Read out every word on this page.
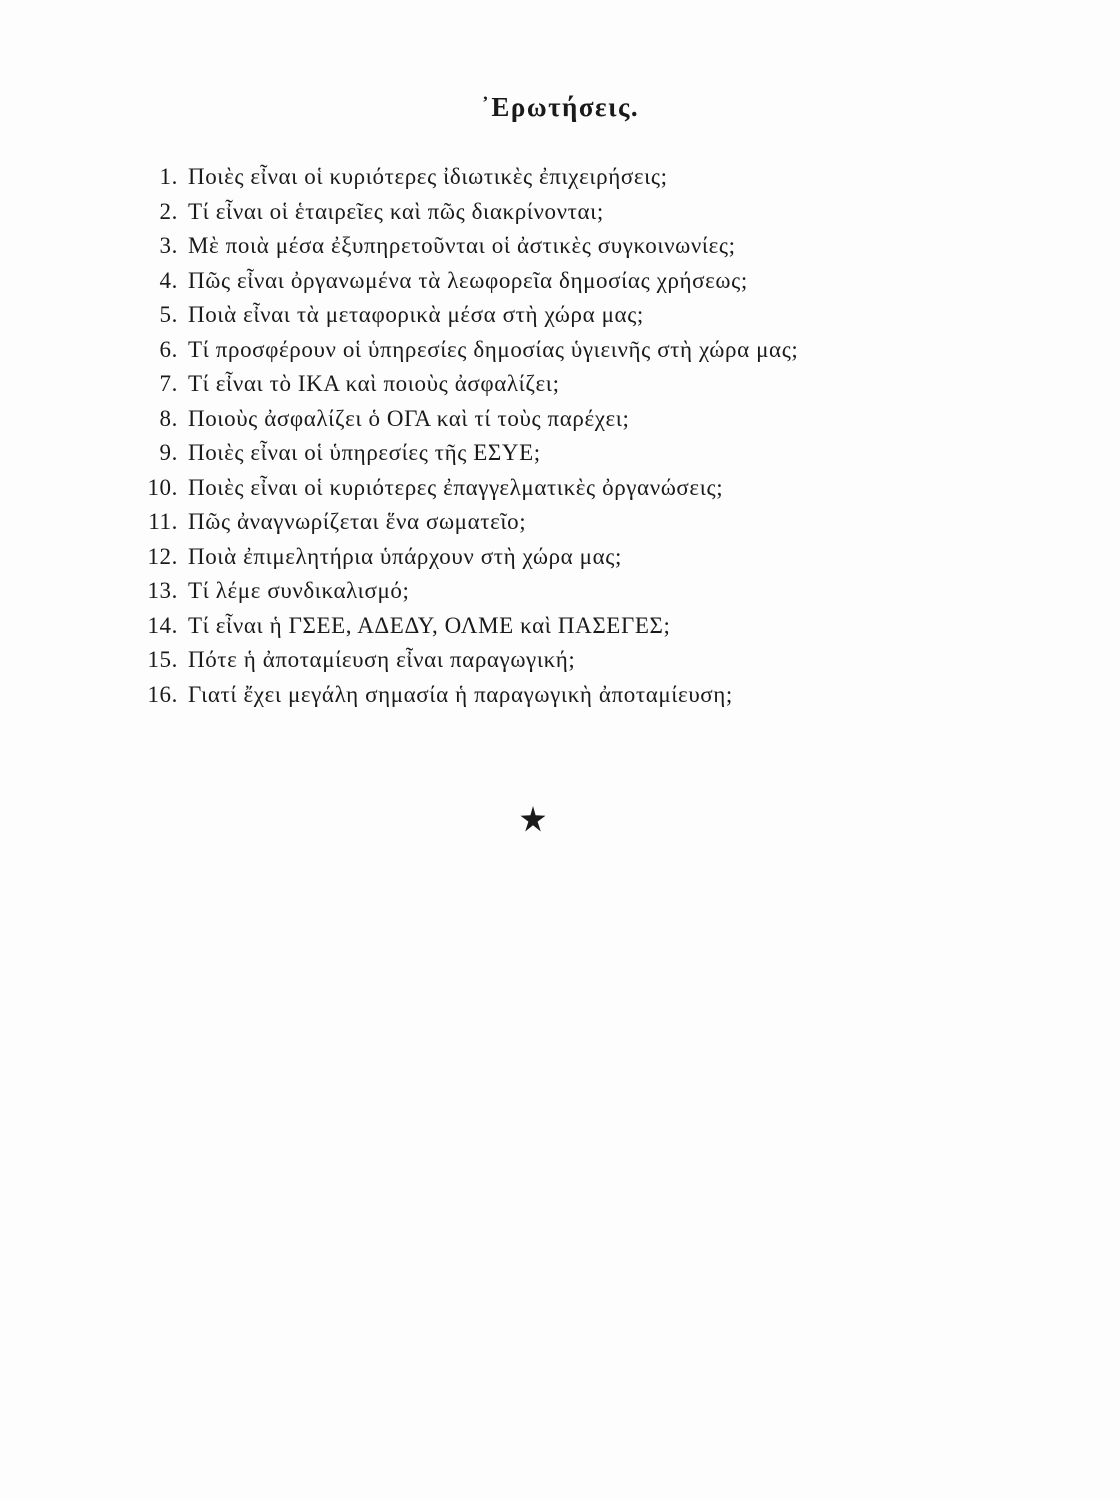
᾿Ερωτήσεις.
1. Ποιὲς εἶναι οἱ κυριότερες ἰδιωτικὲς ἐπιχειρήσεις;
2. Τί εἶναι οἱ ἑταιρεῖες καὶ πῶς διακρίνονται;
3. Μὲ ποιὰ μέσα ἐξυπηρετοῦνται οἱ ἀστικὲς συγκοινωνίες;
4. Πῶς εἶναι ὀργανωμένα τὰ λεωφορεῖα δημοσίας χρήσεως;
5. Ποιὰ εἶναι τὰ μεταφορικὰ μέσα στὴ χώρα μας;
6. Τί προσφέρουν οἱ ὑπηρεσίες δημοσίας ὑγιεινῆς στὴ χώρα μας;
7. Τί εἶναι τὸ ΙΚΑ καὶ ποιοὺς ἀσφαλίζει;
8. Ποιοὺς ἀσφαλίζει ὁ ΟΓΑ καὶ τί τοὺς παρέχει;
9. Ποιὲς εἶναι οἱ ὑπηρεσίες τῆς ΕΣΥΕ;
10. Ποιὲς εἶναι οἱ κυριότερες ἐπαγγελματικὲς ὀργανώσεις;
11. Πῶς ἀναγνωρίζεται ἕνα σωματεῖο;
12. Ποιὰ ἐπιμελητήρια ὑπάρχουν στὴ χώρα μας;
13. Τί λέμε συνδικαλισμό;
14. Τί εἶναι ἡ ΓΣΕΕ, ΑΔΕΔΥ, ΟΛΜΕ καὶ ΠΑΣΕΓΕΣ;
15. Πότε ἡ ἀποταμίευση εἶναι παραγωγική;
16. Γιατί ἔχει μεγάλη σημασία ἡ παραγωγικὴ ἀποταμίευση;
